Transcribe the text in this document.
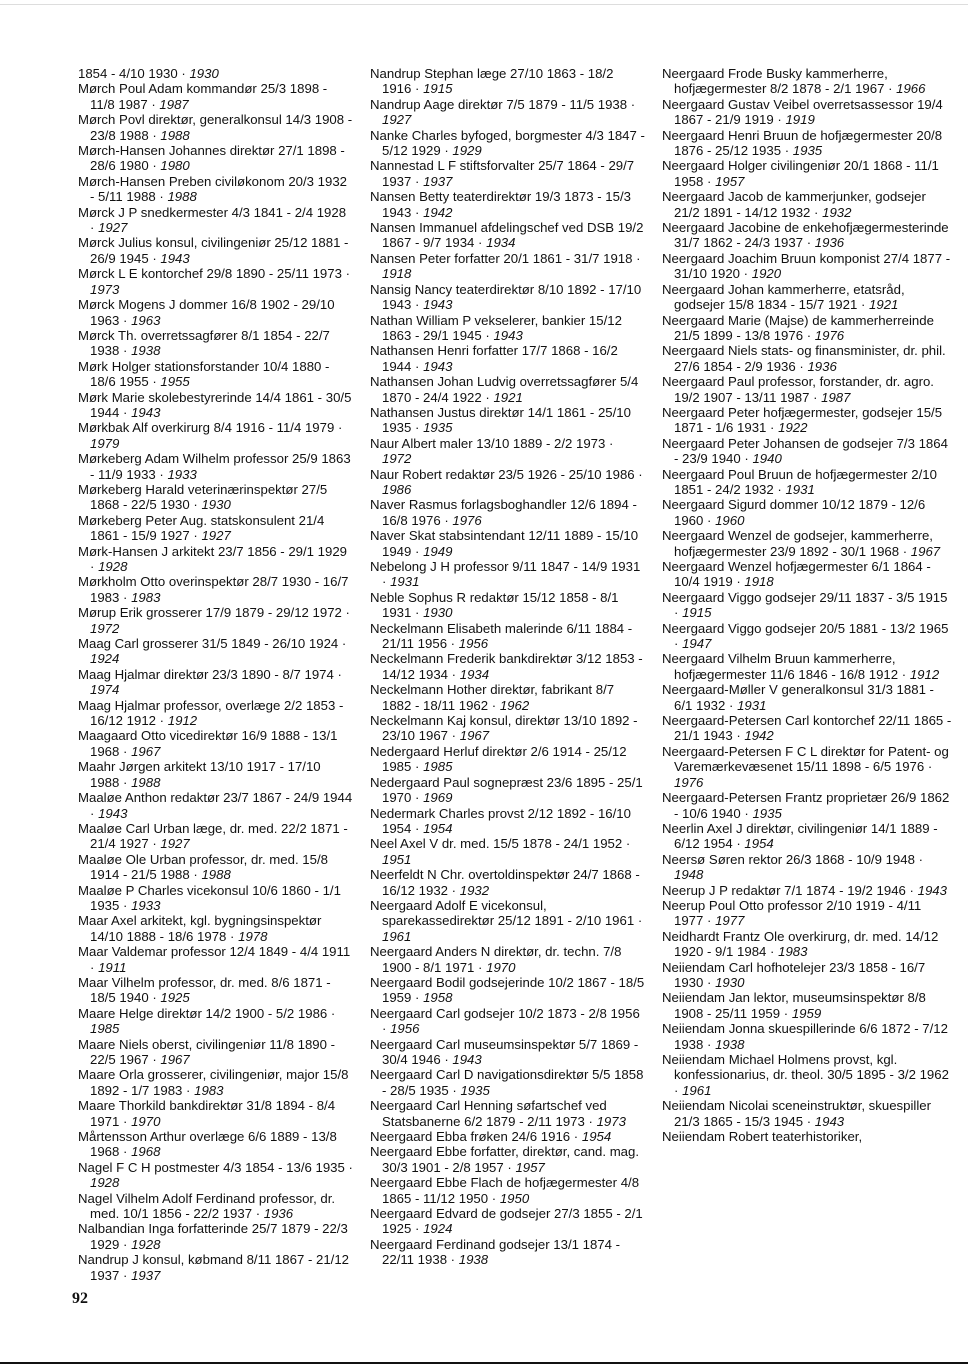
1854 - 4/10 1930 · 1930

Mørch Poul Adam kommandør 25/3 1898 - 11/8 1987 · 1987

Mørch Povl direktør, generalkonsul 14/3 1908 - 23/8 1988 · 1988

Mørch-Hansen Johannes direktør 27/1 1898 - 28/6 1980 · 1980

Mørch-Hansen Preben civiløkonom 20/3 1932 - 5/11 1988 · 1988

Mørck J P snedkermester 4/3 1841 - 2/4 1928 · 1927

Mørck Julius konsul, civilingeniør 25/12 1881 - 26/9 1945 · 1943

Mørck L E kontorchef 29/8 1890 - 25/11 1973 · 1973

Mørck Mogens J dommer 16/8 1902 - 29/10 1963 · 1963

Mørck Th. overretssagfører 8/1 1854 - 22/7 1938 · 1938

Mørk Holger stationsforstander 10/4 1880 - 18/6 1955 · 1955

Mørk Marie skolebestyrerinde 14/4 1861 - 30/5 1944 · 1943

Mørkbak Alf overkirurg 8/4 1916 - 11/4 1979 · 1979

Mørkeberg Adam Wilhelm professor 25/9 1863 - 11/9 1933 · 1933

Mørkeberg Harald veterinærinspektør 27/5 1868 - 22/5 1930 · 1930

Mørkeberg Peter Aug. statskonsulent 21/4 1861 - 15/9 1927 · 1927

Mørk-Hansen J arkitekt 23/7 1856 - 29/1 1929 · 1928

Mørkholm Otto overinspektør 28/7 1930 - 16/7 1983 · 1983

Mørup Erik grosserer 17/9 1879 - 29/12 1972 · 1972

Maag Carl grosserer 31/5 1849 - 26/10 1924 · 1924

Maag Hjalmar direktør 23/3 1890 - 8/7 1974 · 1974

Maag Hjalmar professor, overlæge 2/2 1853 - 16/12 1912 · 1912

Maagaard Otto vicedirektør 16/9 1888 - 13/1 1968 · 1967

Maahr Jørgen arkitekt 13/10 1917 - 17/10 1988 · 1988

Maaløe Anthon redaktør 23/7 1867 - 24/9 1944 · 1943

Maaløe Carl Urban læge, dr. med. 22/2 1871 - 21/4 1927 · 1927

Maaløe Ole Urban professor, dr. med. 15/8 1914 - 21/5 1988 · 1988

Maaløe P Charles vicekonsul 10/6 1860 - 1/1 1935 · 1933

Maar Axel arkitekt, kgl. bygningsinspektør 14/10 1888 - 18/6 1978 · 1978

Maar Valdemar professor 12/4 1849 - 4/4 1911 · 1911

Maar Vilhelm professor, dr. med. 8/6 1871 - 18/5 1940 · 1925

Maare Helge direktør 14/2 1900 - 5/2 1986 · 1985

Maare Niels oberst, civilingeniør 11/8 1890 - 22/5 1967 · 1967

Maare Orla grosserer, civilingeniør, major 15/8 1892 - 1/7 1983 · 1983

Maare Thorkild bankdirektør 31/8 1894 - 8/4 1971 · 1970

Mårtensson Arthur overlæge 6/6 1889 - 13/8 1968 · 1968

Nagel F C H postmester 4/3 1854 - 13/6 1935 · 1928

Nagel Vilhelm Adolf Ferdinand professor, dr. med. 10/1 1856 - 22/2 1937 · 1936

Nalbandian Inga forfatterinde 25/7 1879 - 22/3 1929 · 1928

Nandrup J konsul, købmand 8/11 1867 - 21/12 1937 · 1937

Nandrup Stephan læge 27/10 1863 - 18/2 1916 · 1915

Nandrup Aage direktør 7/5 1879 - 11/5 1938 · 1927

Nanke Charles byfoged, borgmester 4/3 1847 - 5/12 1929 · 1929

Nannestad L F stiftsforvalter 25/7 1864 - 29/7 1937 · 1937

Nansen Betty teaterdirektør 19/3 1873 - 15/3 1943 · 1942

Nansen Immanuel afdelingschef ved DSB 19/2 1867 - 9/7 1934 · 1934

Nansen Peter forfatter 20/1 1861 - 31/7 1918 · 1918

Nansig Nancy teaterdirektør 8/10 1892 - 17/10 1943 · 1943

Nathan William P vekselerer, bankier 15/12 1863 - 29/1 1945 · 1943

Nathansen Henri forfatter 17/7 1868 - 16/2 1944 · 1943

Nathansen Johan Ludvig overretssagfører 5/4 1870 - 24/4 1922 · 1921

Nathansen Justus direktør 14/1 1861 - 25/10 1935 · 1935

Naur Albert maler 13/10 1889 - 2/2 1973 · 1972

Naur Robert redaktør 23/5 1926 - 25/10 1986 · 1986

Naver Rasmus forlagsboghandler 12/6 1894 - 16/8 1976 · 1976

Naver Skat stabsintendant 12/11 1889 - 15/10 1949 · 1949

Nebelong J H professor 9/11 1847 - 14/9 1931 · 1931

Neble Sophus R redaktør 15/12 1858 - 8/1 1931 · 1930

Neckelmann Elisabeth malerinde 6/11 1884 - 21/11 1956 · 1956

Neckelmann Frederik bankdirektør 3/12 1853 - 14/12 1934 · 1934

Neckelmann Hother direktør, fabrikant 8/7 1882 - 18/11 1962 · 1962

Neckelmann Kaj konsul, direktør 13/10 1892 - 23/10 1967 · 1967

Nedergaard Herluf direktør 2/6 1914 - 25/12 1985 · 1985

Nedergaard Paul sognepræst 23/6 1895 - 25/1 1970 · 1969

Nedermark Charles provst 2/12 1892 - 16/10 1954 · 1954

Neel Axel V dr. med. 15/5 1878 - 24/1 1952 · 1951

Neerfeldt N Chr. overtoldinspektør 24/7 1868 - 16/12 1932 · 1932

Neergaard Adolf E vicekonsul, sparekassedirektør 25/12 1891 - 2/10 1961 · 1961

Neergaard Anders N direktør, dr. techn. 7/8 1900 - 8/1 1971 · 1970

Neergaard Bodil godsejerinde 10/2 1867 - 18/5 1959 · 1958

Neergaard Carl godsejer 10/2 1873 - 2/8 1956 · 1956

Neergaard Carl museumsinspektør 5/7 1869 - 30/4 1946 · 1943

Neergaard Carl D navigationsdirektør 5/5 1858 - 28/5 1935 · 1935

Neergaard Carl Henning søfartschef ved Statsbanerne 6/2 1879 - 2/11 1973 · 1973

Neergaard Ebba frøken 24/6 1916 · 1954

Neergaard Ebbe forfatter, direktør, cand. mag. 30/3 1901 - 2/8 1957 · 1957

Neergaard Ebbe Flach de hofjægermester 4/8 1865 - 11/12 1950 · 1950

Neergaard Edvard de godsejer 27/3 1855 - 2/1 1925 · 1924

Neergaard Ferdinand godsejer 13/1 1874 - 22/11 1938 · 1938

Neergaard Frode Busky kammerherre, hofjægermester 8/2 1878 - 2/1 1967 · 1966

Neergaard Gustav Veibel overretsassessor 19/4 1867 - 21/9 1919 · 1919

Neergaard Henri Bruun de hofjægermester 20/8 1876 - 25/12 1935 · 1935

Neergaard Holger civilingeniør 20/1 1868 - 11/1 1958 · 1957

Neergaard Jacob de kammerjunker, godsejer 21/2 1891 - 14/12 1932 · 1932

Neergaard Jacobine de enkehofjægermesterinde 31/7 1862 - 24/3 1937 · 1936

Neergaard Joachim Bruun komponist 27/4 1877 - 31/10 1920 · 1920

Neergaard Johan kammerherre, etatsråd, godsejer 15/8 1834 - 15/7 1921 · 1921

Neergaard Marie (Majse) de kammerherreinde 21/5 1899 - 13/8 1976 · 1976

Neergaard Niels stats- og finansminister, dr. phil. 27/6 1854 - 2/9 1936 · 1936

Neergaard Paul professor, forstander, dr. agro. 19/2 1907 - 13/11 1987 · 1987

Neergaard Peter hofjægermester, godsejer 15/5 1871 - 1/6 1931 · 1922

Neergaard Peter Johansen de godsejer 7/3 1864 - 23/9 1940 · 1940

Neergaard Poul Bruun de hofjægermester 2/10 1851 - 24/2 1932 · 1931

Neergaard Sigurd dommer 10/12 1879 - 12/6 1960 · 1960

Neergaard Wenzel de godsejer, kammerherre, hofjægermester 23/9 1892 - 30/1 1968 · 1967

Neergaard Wenzel hofjægermester 6/1 1864 - 10/4 1919 · 1918

Neergaard Viggo godsejer 29/11 1837 - 3/5 1915 · 1915

Neergaard Viggo godsejer 20/5 1881 - 13/2 1965 · 1947

Neergaard Vilhelm Bruun kammerherre, hofjægermester 11/6 1846 - 16/8 1912 · 1912

Neergaard-Møller V generalkonsul 31/3 1881 - 6/1 1932 · 1931

Neergaard-Petersen Carl kontorchef 22/11 1865 - 21/1 1943 · 1942

Neergaard-Petersen F C L direktør for Patent- og Varemærkevæsenet 15/11 1898 - 6/5 1976 · 1976

Neergaard-Petersen Frantz proprietær 26/9 1862 - 10/6 1940 · 1935

Neerlin Axel J direktør, civilingeniør 14/1 1889 - 6/12 1954 · 1954

Neersø Søren rektor 26/3 1868 - 10/9 1948 · 1948

Neerup J P redaktør 7/1 1874 - 19/2 1946 · 1943

Neerup Poul Otto professor 2/10 1919 - 4/11 1977 · 1977

Neidhardt Frantz Ole overkirurg, dr. med. 14/12 1920 - 9/1 1984 · 1983

Neiiendam Carl hofhotelejer 23/3 1858 - 16/7 1930 · 1930

Neiiendam Jan lektor, museumsinspektør 8/8 1908 - 25/11 1959 · 1959

Neiiendam Jonna skuespillerinde 6/6 1872 - 7/12 1938 · 1938

Neiiendam Michael Holmens provst, kgl. konfessionarius, dr. theol. 30/5 1895 - 3/2 1962 · 1961

Neiiendam Nicolai sceneinstruktør, skuespiller 21/3 1865 - 15/3 1945 · 1943

Neiiendam Robert teaterhistoriker,

92
